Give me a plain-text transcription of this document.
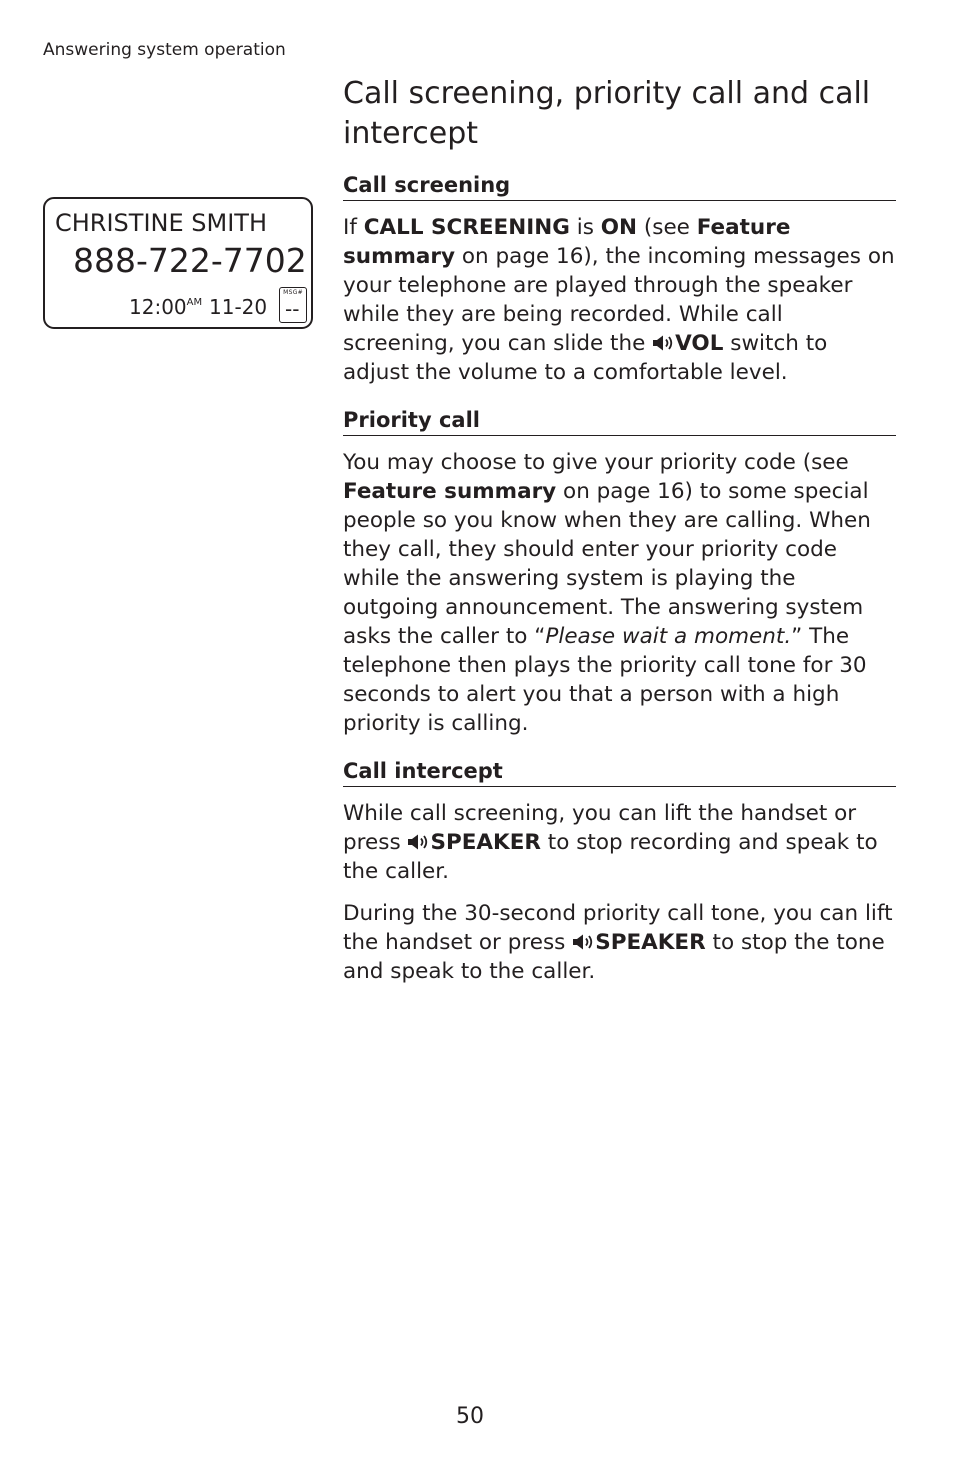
Answering system operation
Call screening, priority call and call intercept
CHRISTINE SMITH
888-722-7702
$12:00^{AM}$ 11-20
MSG#
--
Call screening

If CALL SCREENING is ON (see Feature summary on page 16), the incoming messages on your telephone are played through the speaker while they are being recorded. While call screening, you can slide the VOL switch to adjust the volume to a comfortable level.

Priority call

You may choose to give your priority code (see Feature summary on page 16) to some special people so you know when they are calling. When they call, they should enter your priority code while the answering system is playing the outgoing announcement. The answering system asks the caller to “Please wait a moment.” The telephone then plays the priority call tone for 30 seconds to alert you that a person with a high priority is calling.

Call intercept

While call screening, you can lift the handset or press SPEAKER to stop recording and speak to the caller.

During the 30-second priority call tone, you can lift the handset or press SPEAKER to stop the tone and speak to the caller.

50
